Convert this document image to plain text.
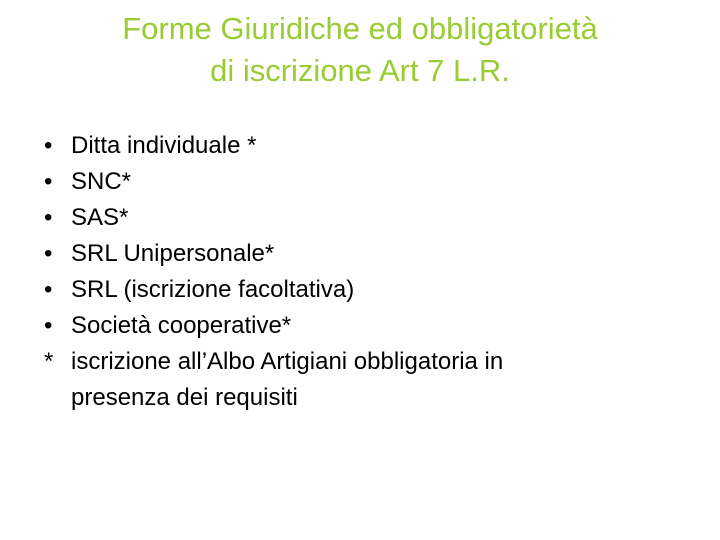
Forme Giuridiche ed obbligatorietà
di iscrizione Art 7 L.R.
• Ditta individuale *
• SNC*
• SAS*
• SRL Unipersonale*
• SRL (iscrizione facoltativa)
• Società cooperative*
* iscrizione all’Albo Artigiani obbligatoria in
presenza dei requisiti
